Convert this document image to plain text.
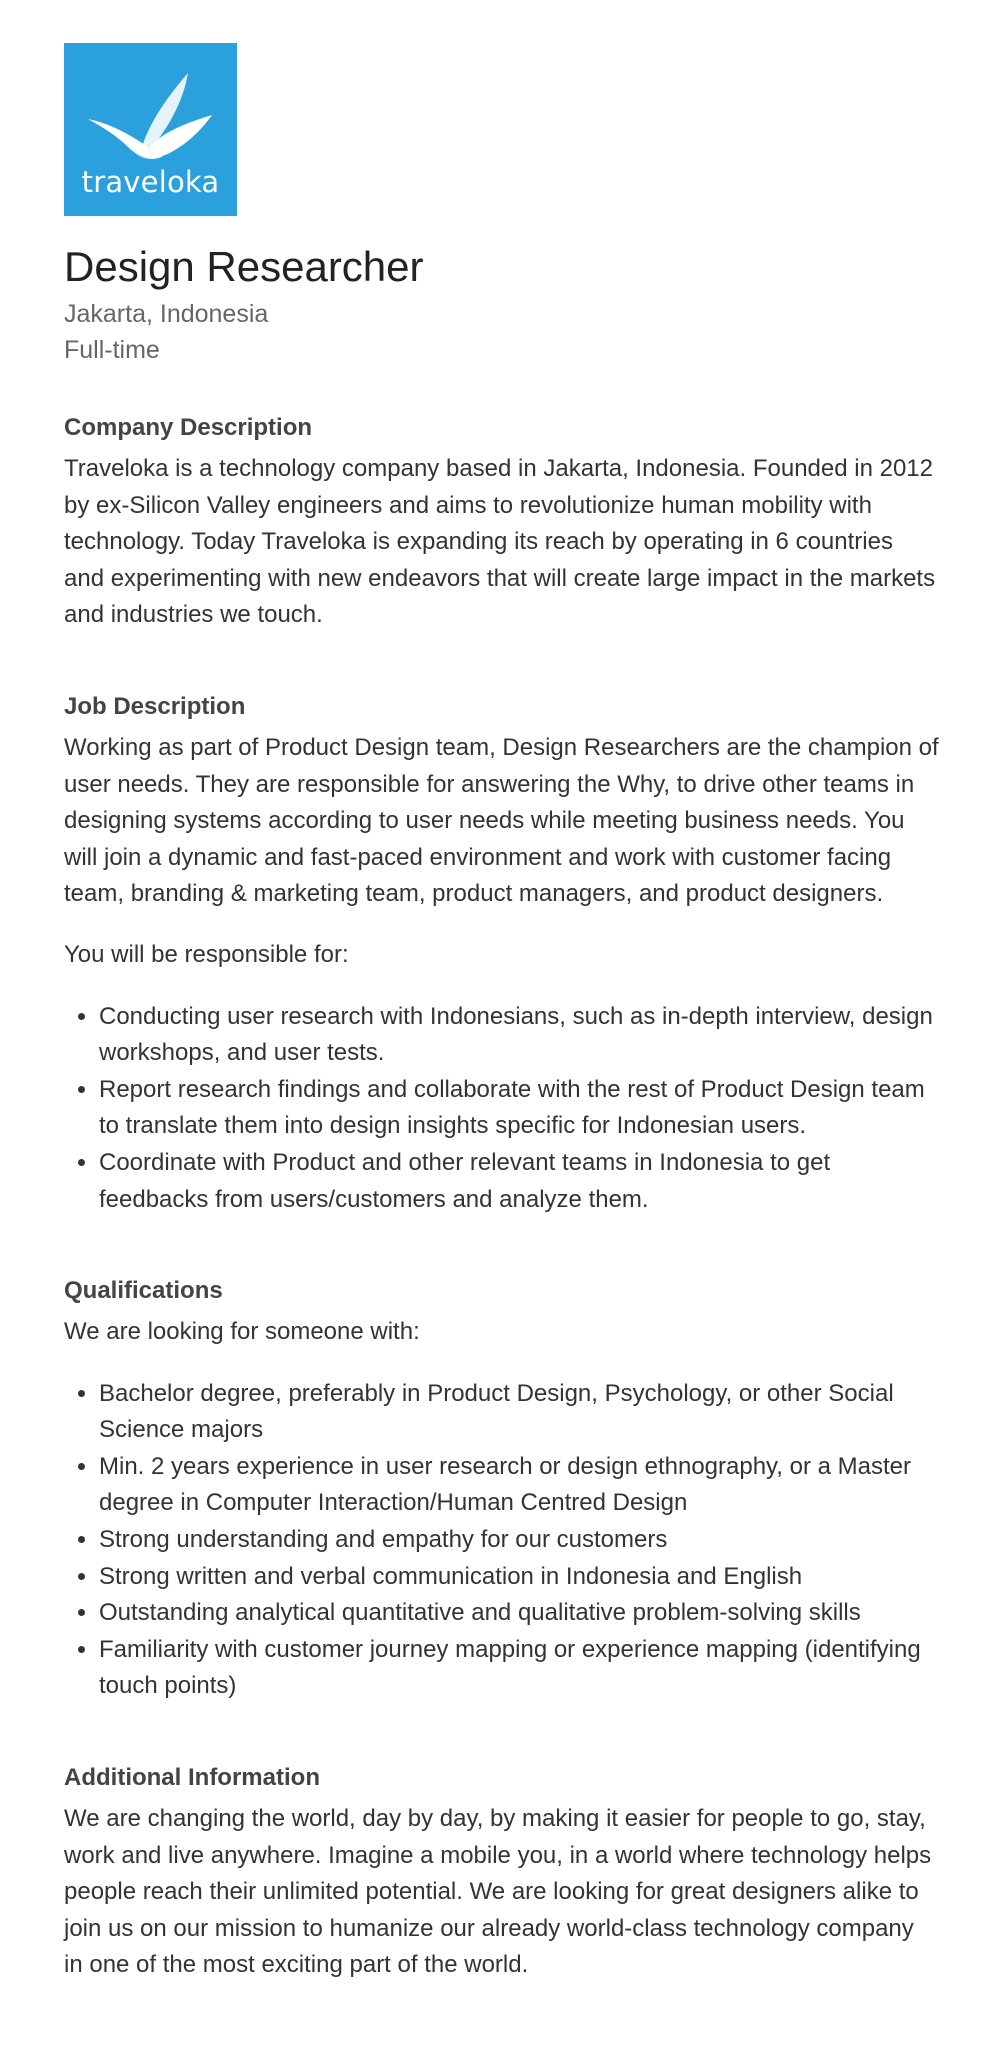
traveloka
Design Researcher
Jakarta, Indonesia
Full-time
Company Description

Traveloka is a technology company based in Jakarta, Indonesia. Founded in 2012 by ex-Silicon Valley engineers and aims to revolutionize human mobility with technology. Today Traveloka is expanding its reach by operating in 6 countries and experimenting with new endeavors that will create large impact in the markets and industries we touch.

Job Description

Working as part of Product Design team, Design Researchers are the champion of user needs. They are responsible for answering the Why, to drive other teams in designing systems according to user needs while meeting business needs. You will join a dynamic and fast-paced environment and work with customer facing team, branding & marketing team, product managers, and product designers.

You will be responsible for:

• Conducting user research with Indonesians, such as in-depth interview, design workshops, and user tests.
• Report research findings and collaborate with the rest of Product Design team to translate them into design insights specific for Indonesian users.
• Coordinate with Product and other relevant teams in Indonesia to get feedbacks from users/customers and analyze them.
Qualifications

We are looking for someone with:

• Bachelor degree, preferably in Product Design, Psychology, or other Social Science majors
• Min. 2 years experience in user research or design ethnography, or a Master degree in Computer Interaction/Human Centred Design
• Strong understanding and empathy for our customers
• Strong written and verbal communication in Indonesia and English
• Outstanding analytical quantitative and qualitative problem-solving skills
• Familiarity with customer journey mapping or experience mapping (identifying touch points)
Additional Information

We are changing the world, day by day, by making it easier for people to go, stay, work and live anywhere. Imagine a mobile you, in a world where technology helps people reach their unlimited potential. We are looking for great designers alike to join us on our mission to humanize our already world-class technology company in one of the most exciting part of the world.
